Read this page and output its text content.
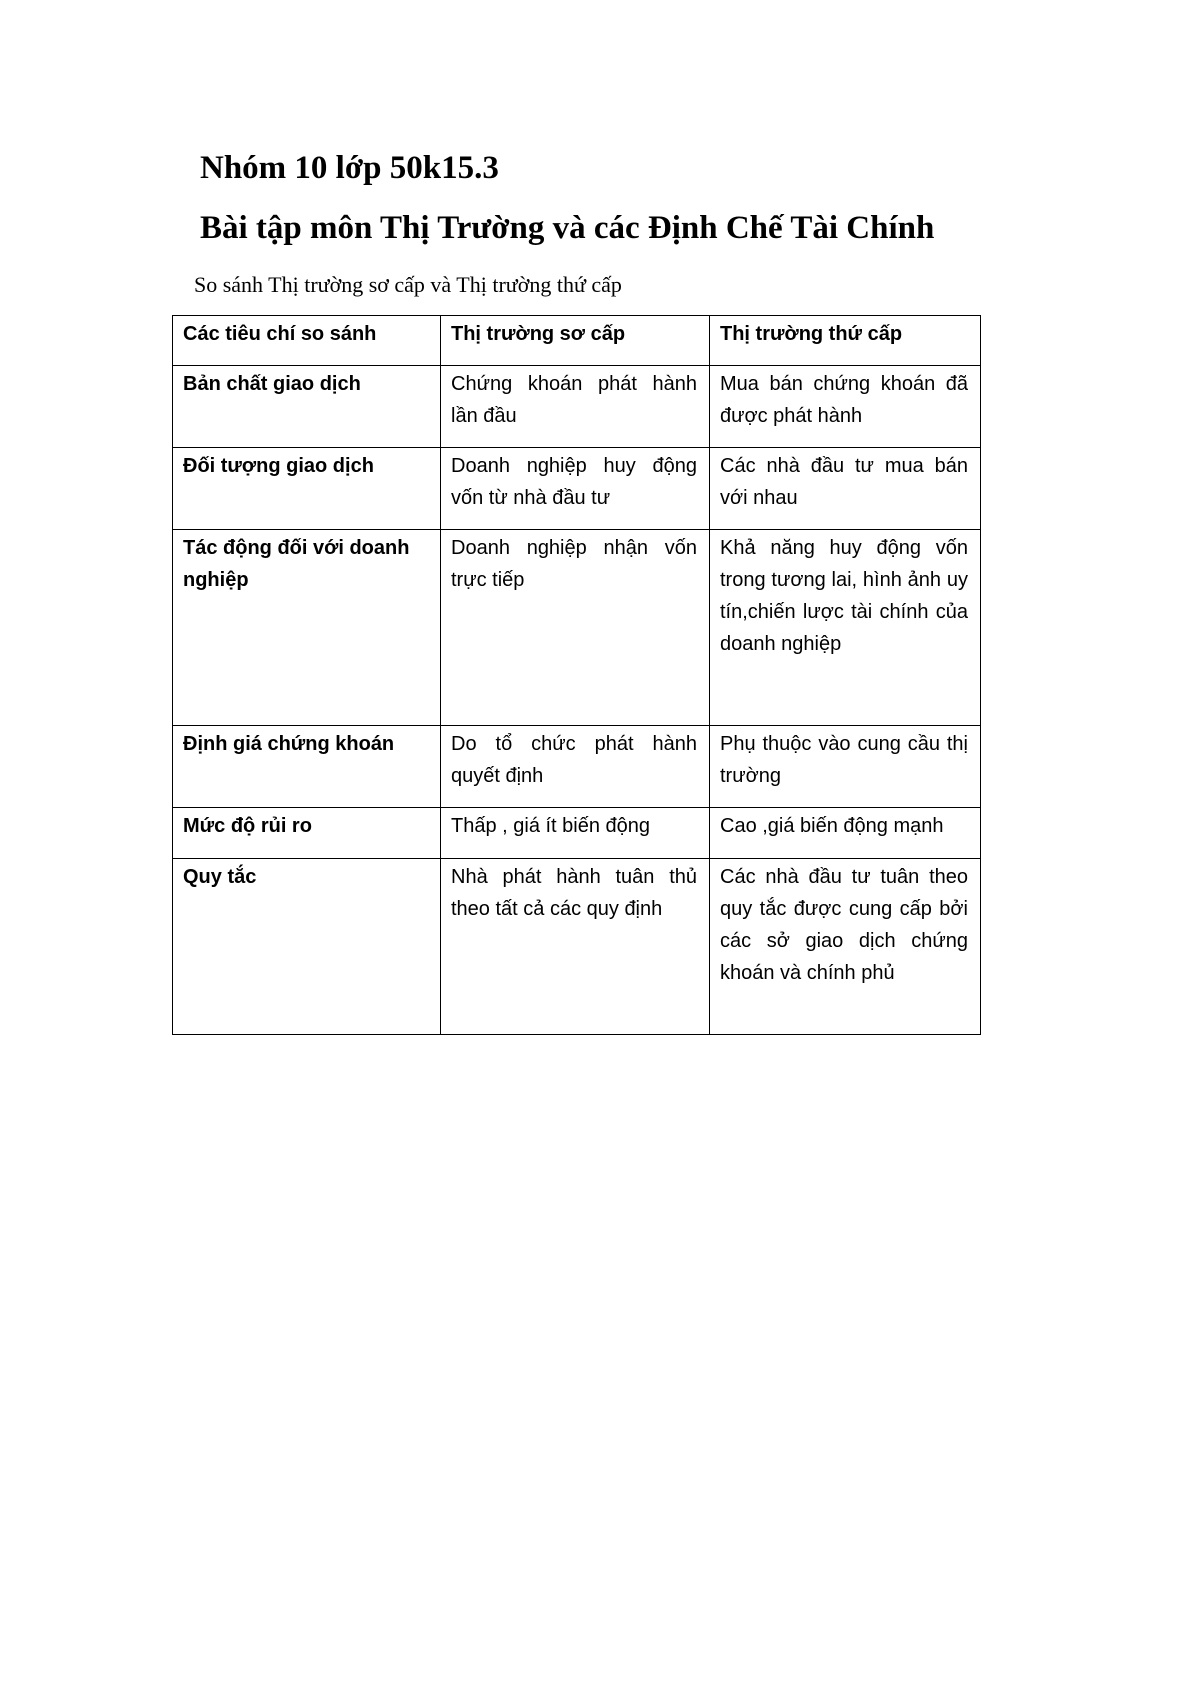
Nhóm 10 lớp 50k15.3
Bài tập môn Thị Trường và các Định Chế Tài Chính

So sánh Thị trường sơ cấp và Thị trường thứ cấp

Các tiêu chí so sánh	Thị trường sơ cấp	Thị trường thứ cấp
Bản chất giao dịch	Chứng khoán phát hành lần đầu	Mua bán chứng khoán đã được phát hành
Đối tượng giao dịch	Doanh nghiệp huy động vốn từ nhà đầu tư	Các nhà đầu tư mua bán với nhau
Tác động đối với doanh nghiệp	Doanh nghiệp nhận vốn trực tiếp	Khả năng huy động vốn trong tương lai, hình ảnh uy tín,chiến lược tài chính của doanh nghiệp
Định giá chứng khoán	Do tổ chức phát hành quyết định	Phụ thuộc vào cung cầu thị trường
Mức độ rủi ro	Thấp , giá ít biến động	Cao ,giá biến động mạnh
Quy tắc	Nhà phát hành tuân thủ theo tất cả các quy định	Các nhà đầu tư tuân theo quy tắc được cung cấp bởi các sở giao dịch chứng khoán và chính phủ
